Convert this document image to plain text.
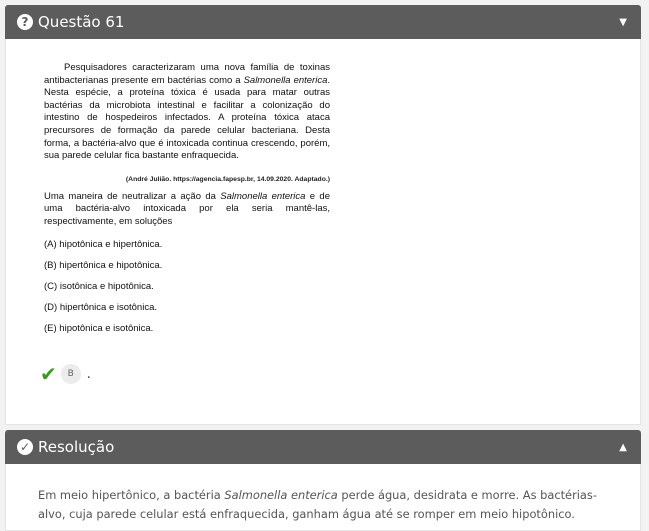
? Questão 61	▼

Pesquisadores caracterizaram uma nova família de toxinas antibacterianas presente em bactérias como a Salmonella enterica. Nesta espécie, a proteína tóxica é usada para matar outras bactérias da microbiota intestinal e facilitar a colonização do intestino de hospedeiros infectados. A proteína tóxica ataca precursores de formação da parede celular bacteriana. Desta forma, a bactéria-alvo que é intoxicada continua crescendo, porém, sua parede celular fica bastante enfraquecida.

(André Julião. https://agencia.fapesp.br, 14.09.2020. Adaptado.)

Uma maneira de neutralizar a ação da Salmonella enterica e de uma bactéria-alvo intoxicada por ela seria mantê-las, respectivamente, em soluções

(A) hipotônica e hipertônica.
(B) hipertônica e hipotônica.
(C) isotônica e hipotônica.
(D) hipertônica e isotônica.
(E) hipotônica e isotônica.
✔	B .
✓ Resolução	▲

Em meio hipertônico, a bactéria Salmonella enterica perde água, desidrata e morre. As bactérias-alvo, cuja parede celular está enfraquecida, ganham água até se romper em meio hipotônico.
